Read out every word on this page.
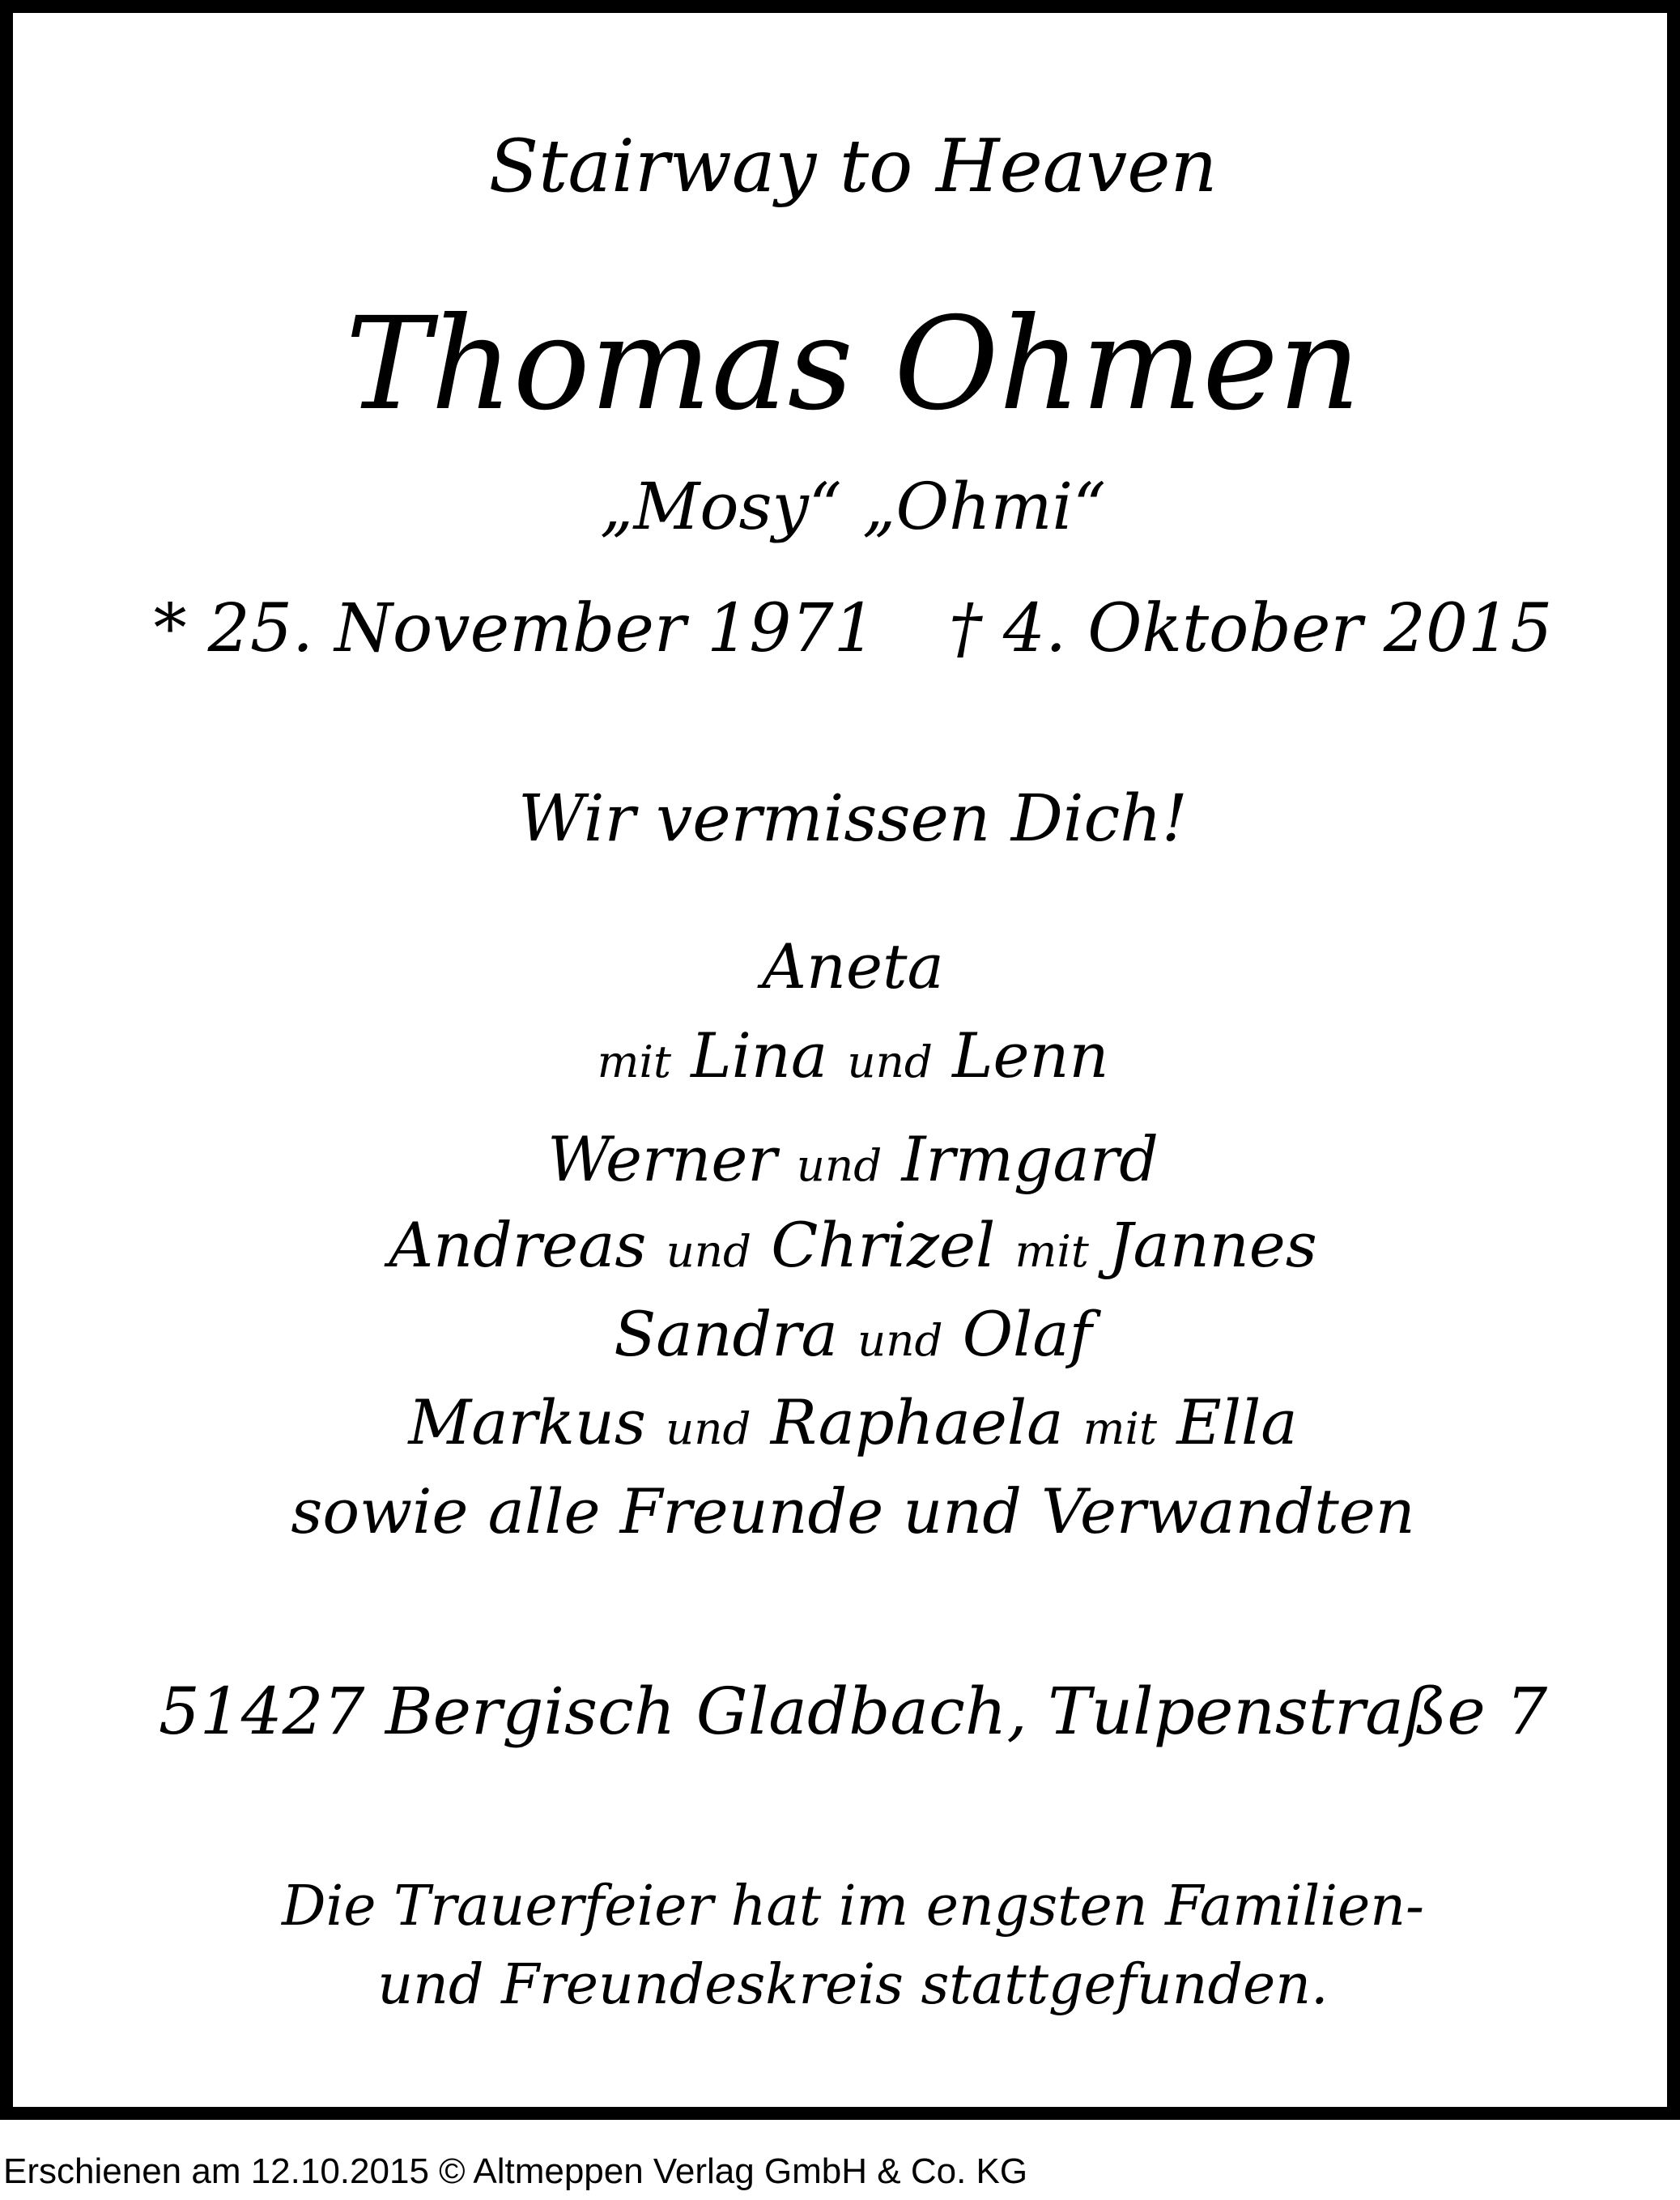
Stairway to Heaven
Thomas Ohmen
„Mosy“ „Ohmi“
* 25. November 1971 † 4. Oktober 2015
Wir vermissen Dich!
Aneta
mit Lina und Lenn
Werner und Irmgard
Andreas und Chrizel mit Jannes
Sandra und Olaf
Markus und Raphaela mit Ella
sowie alle Freunde und Verwandten
51427 Bergisch Gladbach, Tulpenstraße 7
Die Trauerfeier hat im engsten Familien-
und Freundeskreis stattgefunden.
Erschienen am 12.10.2015 © Altmeppen Verlag GmbH & Co. KG
